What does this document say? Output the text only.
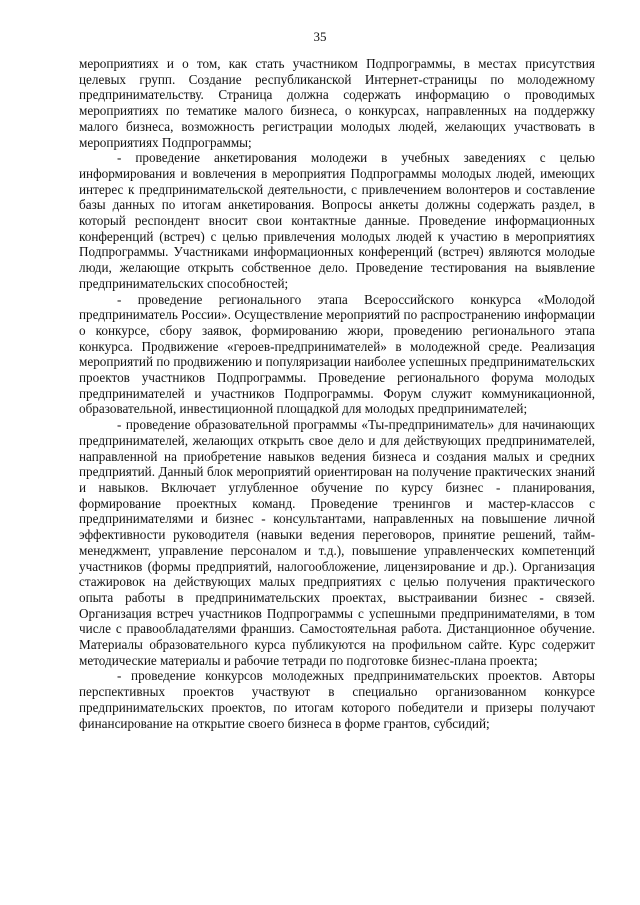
35

мероприятиях и о том, как стать участником Подпрограммы, в местах присутствия целевых групп. Создание республиканской Интернет-страницы по молодежному предпринимательству. Страница должна содержать информацию о проводимых мероприятиях по тематике малого бизнеса, о конкурсах, направленных на поддержку малого бизнеса, возможность регистрации молодых людей, желающих участвовать в мероприятиях Подпрограммы;

- проведение анкетирования молодежи в учебных заведениях с целью информирования и вовлечения в мероприятия Подпрограммы молодых людей, имеющих интерес к предпринимательской деятельности, с привлечением волонтеров и составление базы данных по итогам анкетирования. Вопросы анкеты должны содержать раздел, в который респондент вносит свои контактные данные. Проведение информационных конференций (встреч) с целью привлечения молодых людей к участию в мероприятиях Подпрограммы. Участниками информационных конференций (встреч) являются молодые люди, желающие открыть собственное дело. Проведение тестирования на выявление предпринимательских способностей;

- проведение регионального этапа Всероссийского конкурса «Молодой предприниматель России». Осуществление мероприятий по распространению информации о конкурсе, сбору заявок, формированию жюри, проведению регионального этапа конкурса. Продвижение «героев-предпринимателей» в молодежной среде. Реализация мероприятий по продвижению и популяризации наиболее успешных предпринимательских проектов участников Подпрограммы. Проведение регионального форума молодых предпринимателей и участников Подпрограммы. Форум служит коммуникационной, образовательной, инвестиционной площадкой для молодых предпринимателей;

- проведение образовательной программы «Ты-предприниматель» для начинающих предпринимателей, желающих открыть свое дело и для действующих предпринимателей, направленной на приобретение навыков ведения бизнеса и создания малых и средних предприятий. Данный блок мероприятий ориентирован на получение практических знаний и навыков. Включает углубленное обучение по курсу бизнес - планирования, формирование проектных команд. Проведение тренингов и мастер-классов с предпринимателями и бизнес - консультантами, направленных на повышение личной эффективности руководителя (навыки ведения переговоров, принятие решений, тайм-менеджмент, управление персоналом и т.д.), повышение управленческих компетенций участников (формы предприятий, налогообложение, лицензирование и др.). Организация стажировок на действующих малых предприятиях с целью получения практического опыта работы в предпринимательских проектах, выстраивании бизнес - связей. Организация встреч участников Подпрограммы с успешными предпринимателями, в том числе с правообладателями франшиз. Самостоятельная работа. Дистанционное обучение. Материалы образовательного курса публикуются на профильном сайте. Курс содержит методические материалы и рабочие тетради по подготовке бизнес-плана проекта;

- проведение конкурсов молодежных предпринимательских проектов. Авторы перспективных проектов участвуют в специально организованном конкурсе предпринимательских проектов, по итогам которого победители и призеры получают финансирование на открытие своего бизнеса в форме грантов, субсидий;
